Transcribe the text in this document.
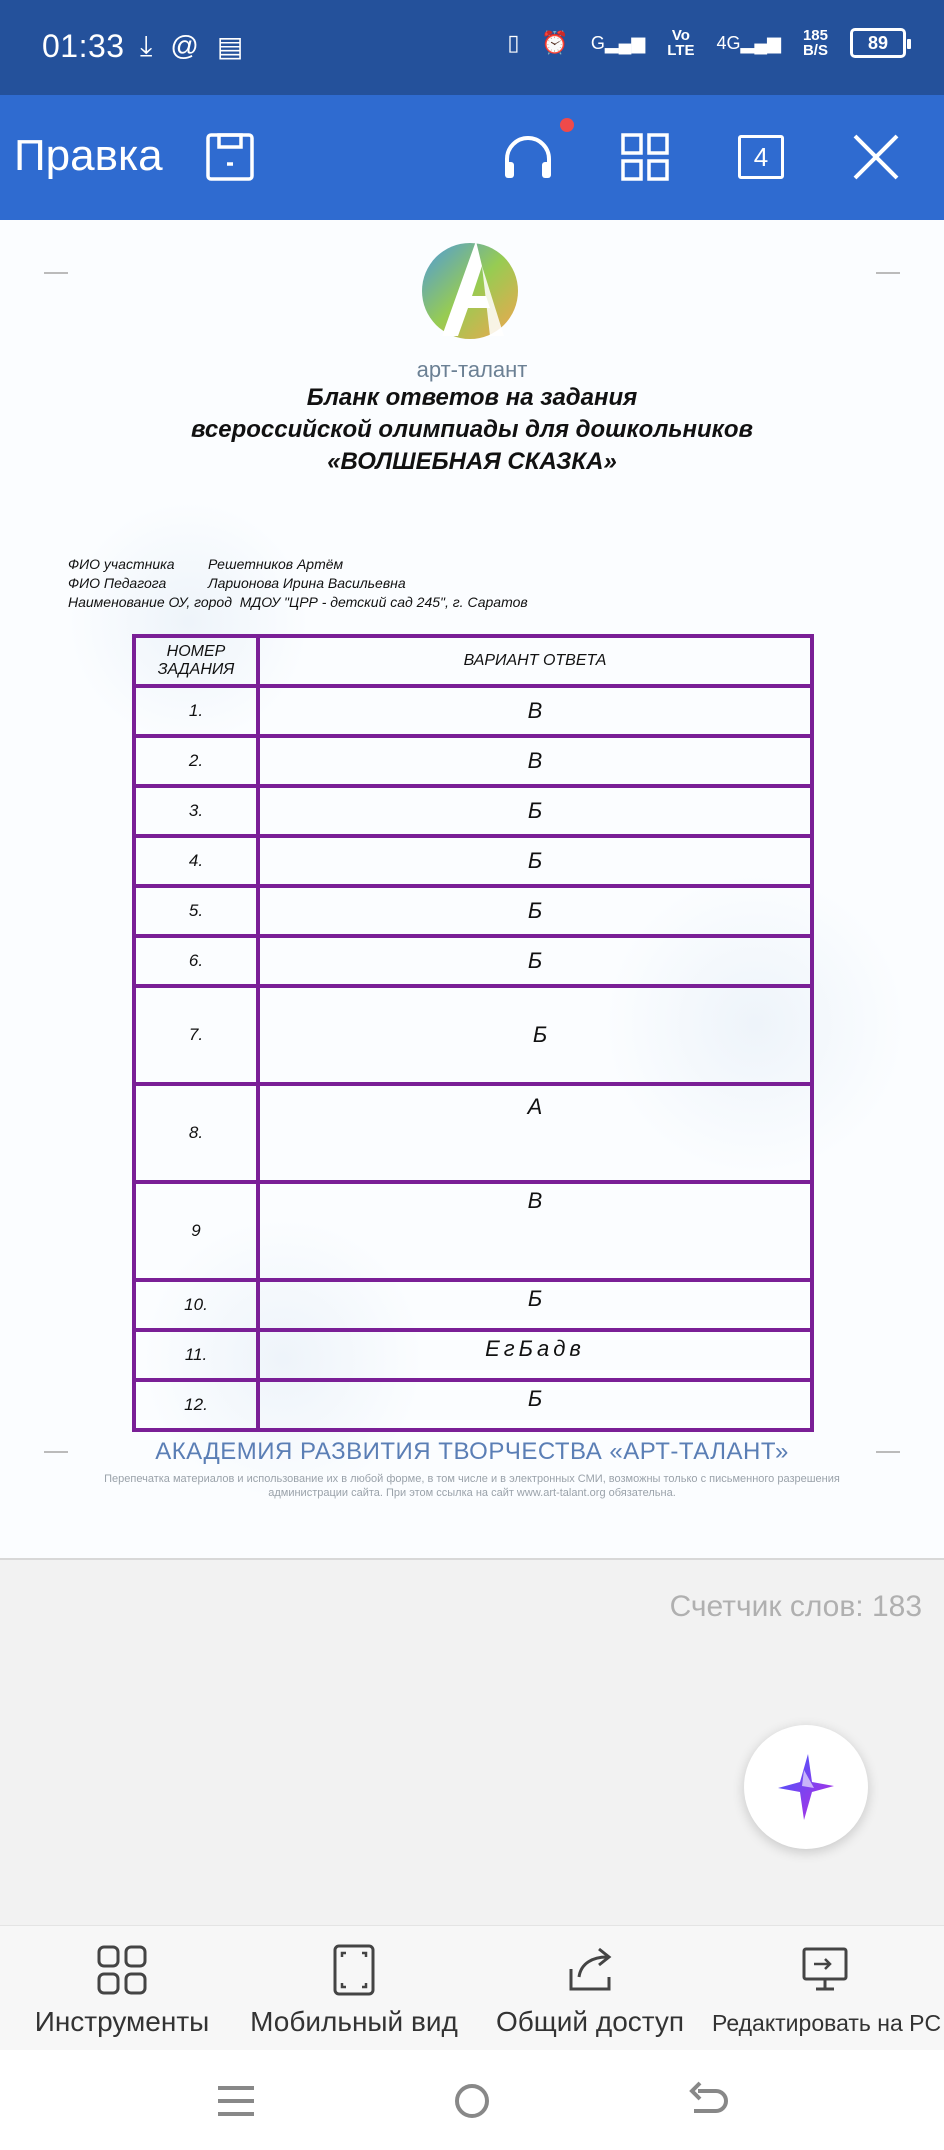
01:33 ⤓ @ ▤	▯ ⏰ G▂▄▆	Vo
LTE 4G▂▄▆ 185
B/S 89
Правка	4
арт-талант
Бланк ответов на задания
всероссийской олимпиады для дошкольников
«ВОЛШЕБНАЯ СКАЗКА»
ФИО участника Решетников Артём
ФИО Педагога	Ларионова Ирина Васильевна
Наименование ОУ, город МДОУ "ЦРР - детский сад 245", г. Саратов
НОМЕР ЗАДАНИЯ	ВАРИАНТ ОТВЕТА
1.	В
2.	В
3.	Б
4.	Б
5.	Б
6.	Б
7.	Б
8.	А
9	В
10.	Б
11.	ЕгБадв
12.	Б
АКАДЕМИЯ РАЗВИТИЯ ТВОРЧЕСТВА «АРТ-ТАЛАНТ»
Перепечатка материалов и использование их в любой форме, в том числе и в электронных СМИ, возможны только с письменного разрешения администрации сайта. При этом ссылка на сайт www.art-talant.org обязательна.
Счетчик слов: 183
Инструменты	Мобильный вид	Общий доступ Редактировать на PC
